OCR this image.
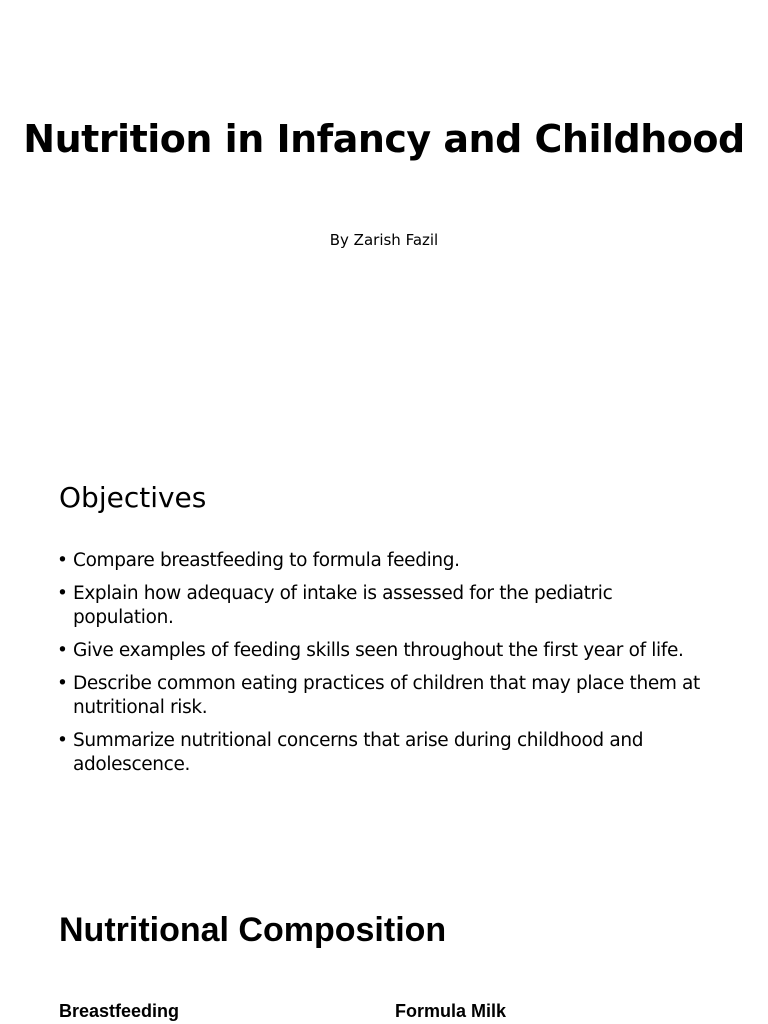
Nutrition in Infancy and Childhood
By Zarish Fazil
Objectives
• Compare breastfeeding to formula feeding.
• Explain how adequacy of intake is assessed for the pediatric population.
• Give examples of feeding skills seen throughout the first year of life.
• Describe common eating practices of children that may place them at nutritional risk.
• Summarize nutritional concerns that arise during childhood and adolescence.
Nutritional Composition
Breastfeeding	Formula Milk
